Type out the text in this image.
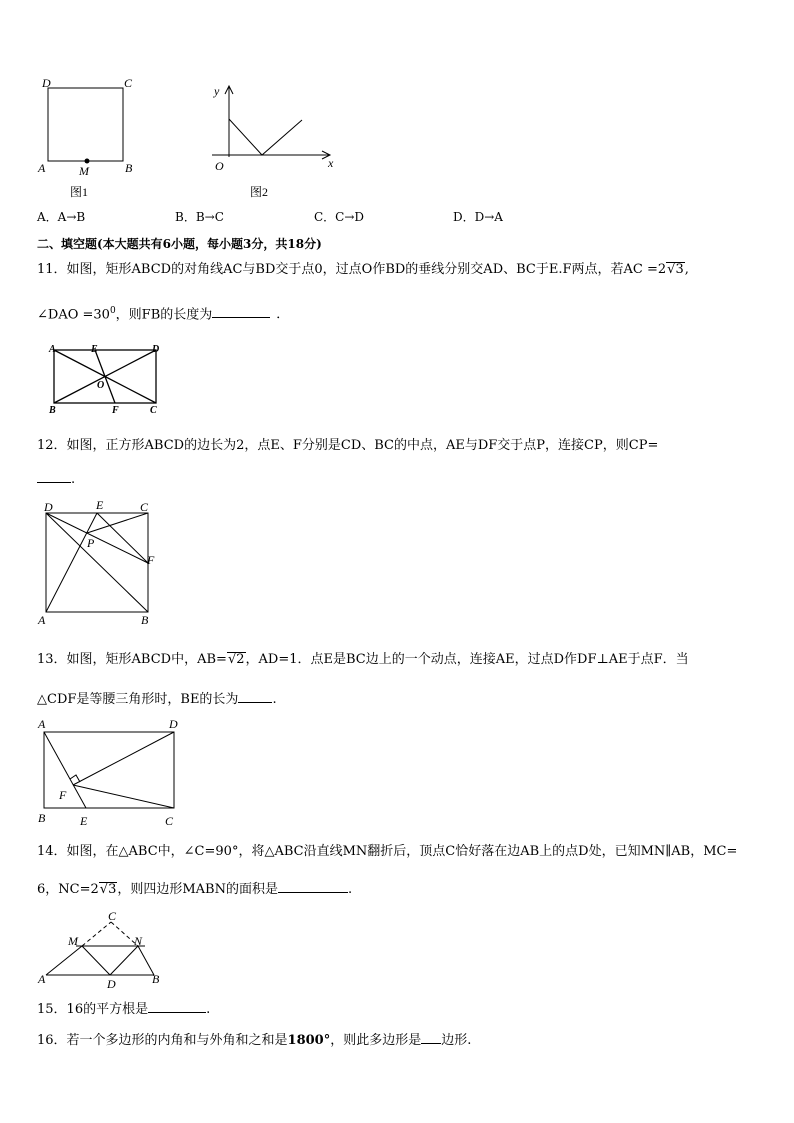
D	C
A	M	B
图1
y
O	x
图2
A．A→B	B．B→C	C．C→D	D．D→A
二、填空题(本大题共有6小题，每小题3分，共18分)
11．如图，矩形ABCD的对角线AC与BD交于点0，过点O作BD的垂线分别交AD、BC于E.F两点，若AC =2√3,
∠DAO $=30^0$，则FB的长度为	．
A	E	D
O
B	F	C
12．如图，正方形ABCD的边长为2，点E、F分别是CD、BC的中点，AE与DF交于点P，连接CP，则CP=
.
D	E	C
P
F
A	B
13．如图，矩形ABCD中，AB=√2，AD=1．点E是BC边上的一个动点，连接AE，过点D作DF⊥AE于点F．当
△CDF是等腰三角形时，BE的长为	.
A	D
F
B	E	C
14．如图，在△ABC中，∠C=90°，将△ABC沿直线MN翻折后，顶点C恰好落在边AB上的点D处，已知MN∥AB，MC=
6，NC=2√3，则四边形MABN的面积是	.
C
M	N
A	D	B
15．16的平方根是	.
16．若一个多边形的内角和与外角和之和是1800°，则此多边形是 边形.
